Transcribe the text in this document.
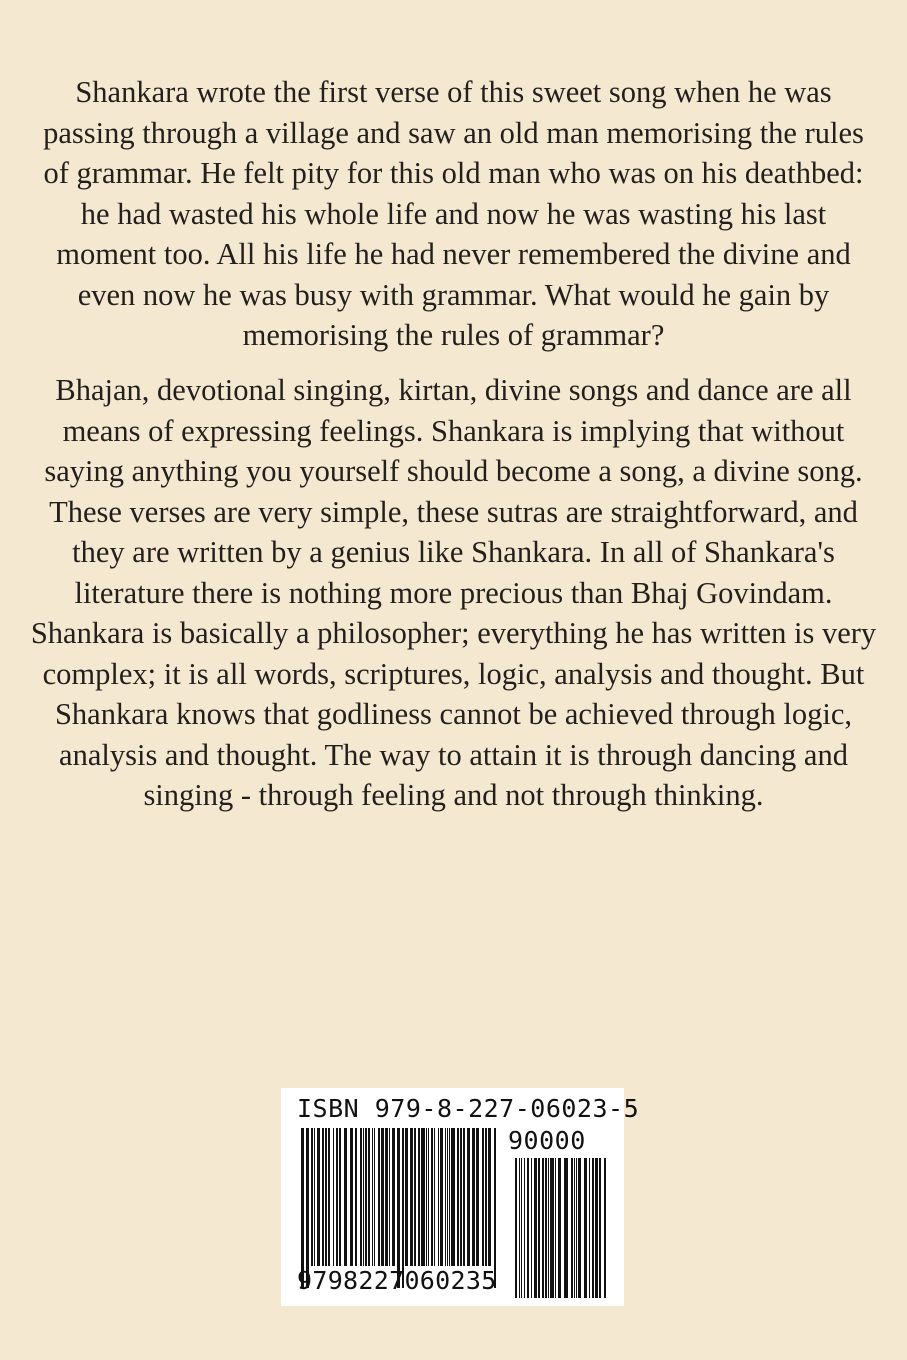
Shankara wrote the first verse of this sweet song when he was passing through a village and saw an old man memorising the rules of grammar. He felt pity for this old man who was on his deathbed: he had wasted his whole life and now he was wasting his last moment too. All his life he had never remembered the divine and even now he was busy with grammar. What would he gain by memorising the rules of grammar?

Bhajan, devotional singing, kirtan, divine songs and dance are all means of expressing feelings. Shankara is implying that without saying anything you yourself should become a song, a divine song. These verses are very simple, these sutras are straightforward, and they are written by a genius like Shankara. In all of Shankara's literature there is nothing more precious than Bhaj Govindam. Shankara is basically a philosopher; everything he has written is very complex; it is all words, scriptures, logic, analysis and thought. But Shankara knows that godliness cannot be achieved through logic, analysis and thought. The way to attain it is through dancing and singing - through feeling and not through thinking.

ISBN 979-8-227-06023-5
90000
9798227060235
